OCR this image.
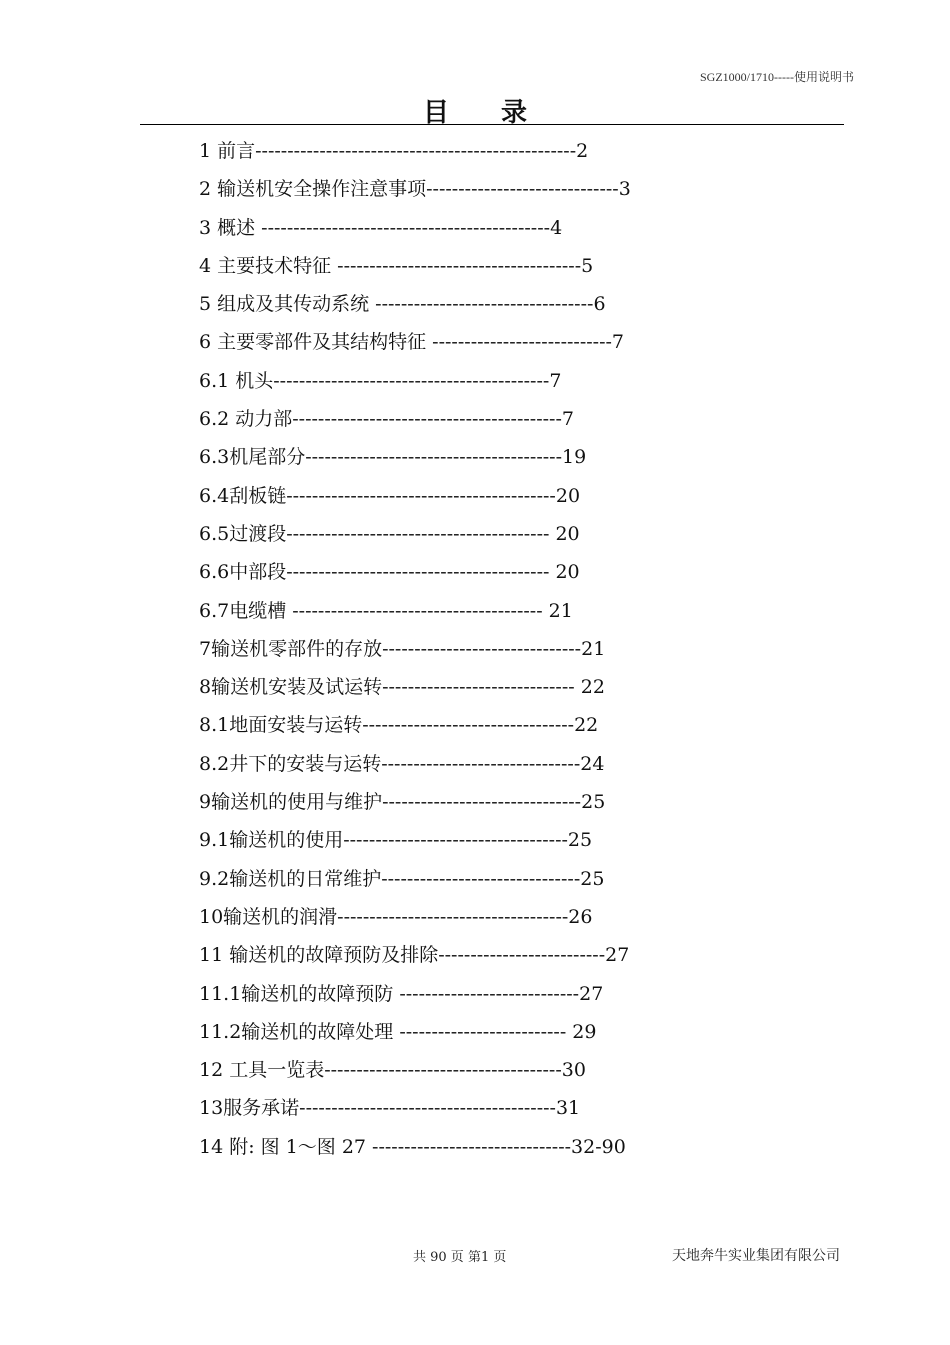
SGZ1000/1710-----使用说明书
目录
1 前言--------------------------------------------------2
2 输送机安全操作注意事项------------------------------3
3 概述 ---------------------------------------------4
4 主要技术特征 --------------------------------------5
5 组成及其传动系统 ----------------------------------6
6 主要零部件及其结构特征 ----------------------------7
6.1 机头-------------------------------------------7
6.2 动力部------------------------------------------7
6.3机尾部分----------------------------------------19
6.4刮板链------------------------------------------20
6.5过渡段----------------------------------------- 20
6.6中部段----------------------------------------- 20
6.7电缆槽 --------------------------------------- 21
7输送机零部件的存放-------------------------------21
8输送机安装及试运转------------------------------ 22
8.1地面安装与运转---------------------------------22
8.2井下的安装与运转-------------------------------24
9输送机的使用与维护-------------------------------25
9.1输送机的使用-----------------------------------25
9.2输送机的日常维护-------------------------------25
10输送机的润滑------------------------------------26
11 输送机的故障预防及排除--------------------------27
11.1输送机的故障预防 ----------------------------27
11.2输送机的故障处理 -------------------------- 29
12 工具一览表-------------------------------------30
13服务承诺----------------------------------------31
14 附: 图 1～图 27 -------------------------------32-90
共 90 页 第1 页	天地奔牛实业集团有限公司
